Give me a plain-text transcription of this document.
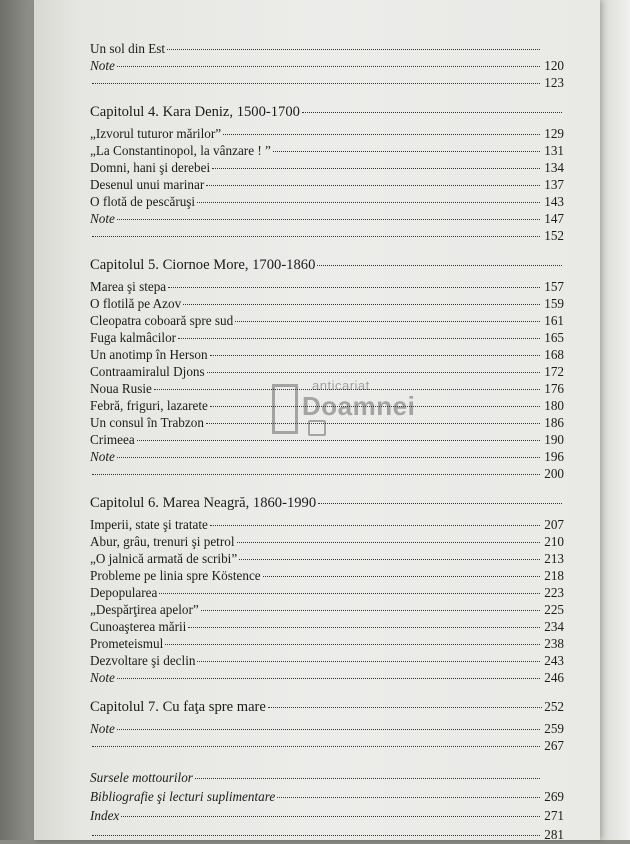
anticariat
Doamnei
Un sol din Est
Note	120
123
Capitolul 4. Kara Deniz, 1500-1700
„Izvorul tuturor mărilor”	129
„La Constantinopol, la vânzare ! ”	131
Domni, hani şi derebei	134
Desenul unui marinar	137
O flotă de pescăruşi	143
Note	147
152
Capitolul 5. Ciornoe More, 1700-1860
Marea şi stepa	157
O flotilă pe Azov	159
Cleopatra coboară spre sud	161
Fuga kalmâcilor	165
Un anotimp în Herson	168
Contraamiralul Djons	172
Noua Rusie	176
Febră, friguri, lazarete	180
Un consul în Trabzon	186
Crimeea	190
Note	196
200
Capitolul 6. Marea Neagră, 1860-1990
Imperii, state şi tratate	207
Abur, grâu, trenuri şi petrol	210
„O jalnică armată de scribi”	213
Probleme pe linia spre Köstence	218
Depopularea	223
„Despărţirea apelor”	225
Cunoaşterea mării	234
Prometeismul	238
Dezvoltare şi declin	243
Note	246
Capitolul 7. Cu faţa spre mare	252
Note	259
267
Sursele mottourilor
Bibliografie şi lecturi suplimentare	269
Index	271
281
